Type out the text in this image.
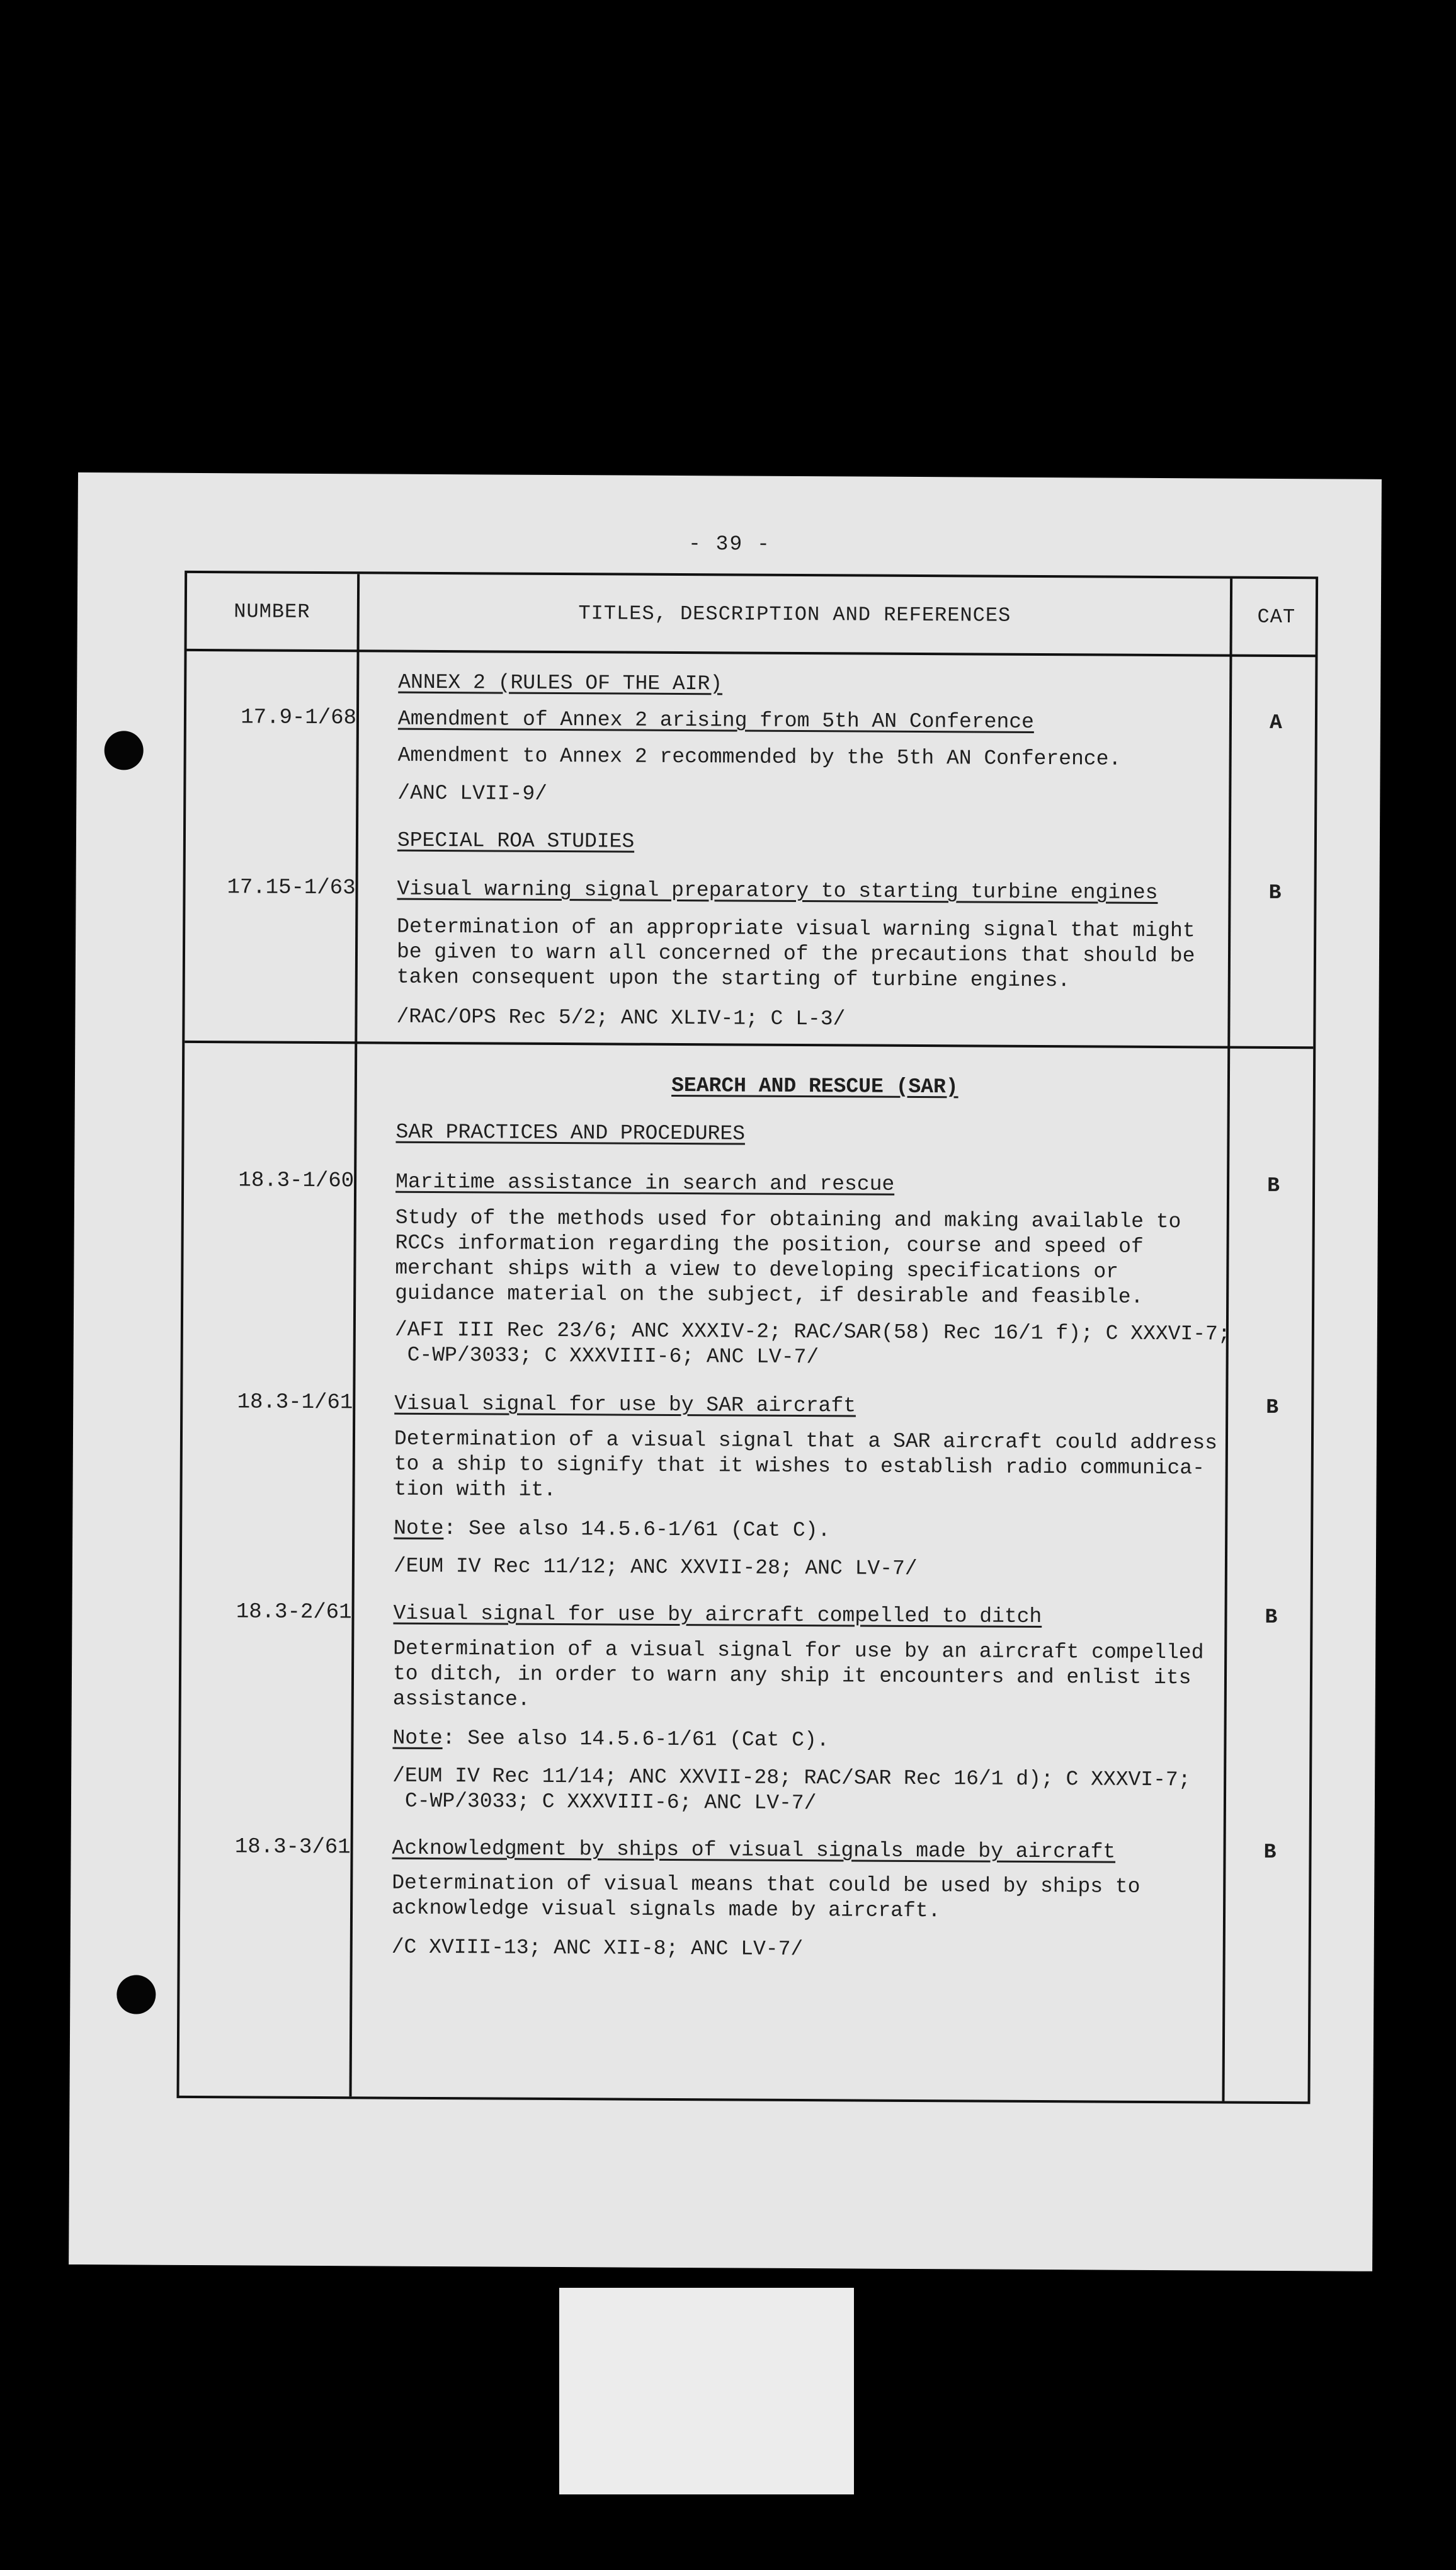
- 39 -
NUMBER	TITLES, DESCRIPTION AND REFERENCES	CAT
ANNEX 2 (RULES OF THE AIR)
17.9-1/68 Amendment of Annex 2 arising from 5th AN Conference	A
Amendment to Annex 2 recommended by the 5th AN Conference.
/ANC LVII-9/
SPECIAL ROA STUDIES
17.15-1/63 Visual warning signal preparatory to starting turbine engines	B
Determination of an appropriate visual warning signal that might
be given to warn all concerned of the precautions that should be
taken consequent upon the starting of turbine engines.
/RAC/OPS Rec 5/2; ANC XLIV-1; C L-3/
SEARCH AND RESCUE (SAR)
SAR PRACTICES AND PROCEDURES
18.3-1/60 Maritime assistance in search and rescue	B
Study of the methods used for obtaining and making available to
RCCs information regarding the position, course and speed of
merchant ships with a view to developing specifications or
guidance material on the subject, if desirable and feasible.
/AFI III Rec 23/6; ANC XXXIV-2; RAC/SAR(58) Rec 16/1 f); C XXXVI-7;
C-WP/3033; C XXXVIII-6; ANC LV-7/
18.3-1/61 Visual signal for use by SAR aircraft	B
Determination of a visual signal that a SAR aircraft could address
to a ship to signify that it wishes to establish radio communica-
tion with it.
Note: See also 14.5.6-1/61 (Cat C).
/EUM IV Rec 11/12; ANC XXVII-28; ANC LV-7/
18.3-2/61 Visual signal for use by aircraft compelled to ditch	B
Determination of a visual signal for use by an aircraft compelled
to ditch, in order to warn any ship it encounters and enlist its
assistance.
Note: See also 14.5.6-1/61 (Cat C).
/EUM IV Rec 11/14; ANC XXVII-28; RAC/SAR Rec 16/1 d); C XXXVI-7;
C-WP/3033; C XXXVIII-6; ANC LV-7/
18.3-3/61 Acknowledgment by ships of visual signals made by aircraft	B
Determination of visual means that could be used by ships to
acknowledge visual signals made by aircraft.
/C XVIII-13; ANC XII-8; ANC LV-7/
